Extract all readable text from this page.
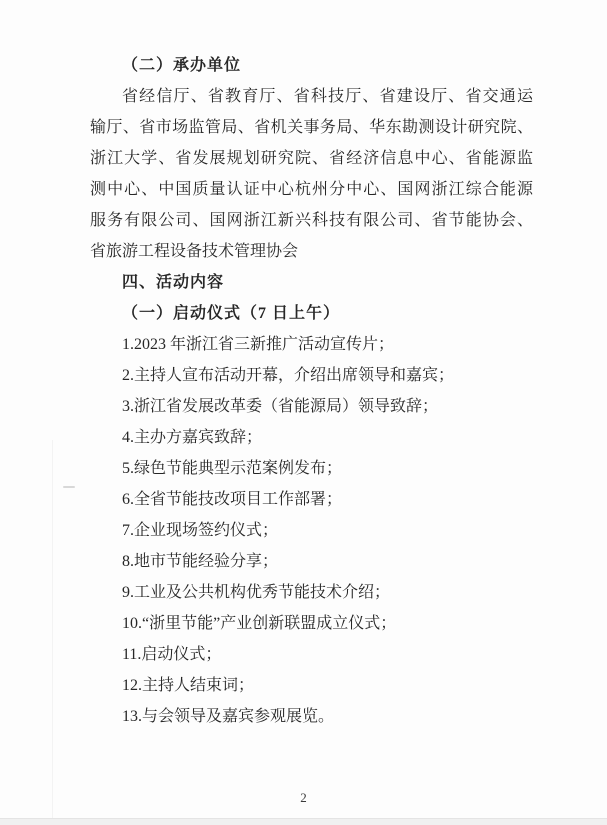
（二）承办单位

省经信厅、省教育厅、省科技厅、省建设厅、省交通运
输厅、省市场监管局、省机关事务局、华东勘测设计研究院、
浙江大学、省发展规划研究院、省经济信息中心、省能源监
测中心、中国质量认证中心杭州分中心、国网浙江综合能源
服务有限公司、国网浙江新兴科技有限公司、省节能协会、
省旅游工程设备技术管理协会

四、活动内容

（一）启动仪式（7 日上午）

1.2023 年浙江省三新推广活动宣传片；

2.主持人宣布活动开幕，介绍出席领导和嘉宾；

3.浙江省发展改革委（省能源局）领导致辞；

4.主办方嘉宾致辞；

5.绿色节能典型示范案例发布；

6.全省节能技改项目工作部署；

7.企业现场签约仪式；

8.地市节能经验分享；

9.工业及公共机构优秀节能技术介绍；

10.“浙里节能”产业创新联盟成立仪式；

11.启动仪式；

12.主持人结束词；

13.与会领导及嘉宾参观展览。

2
